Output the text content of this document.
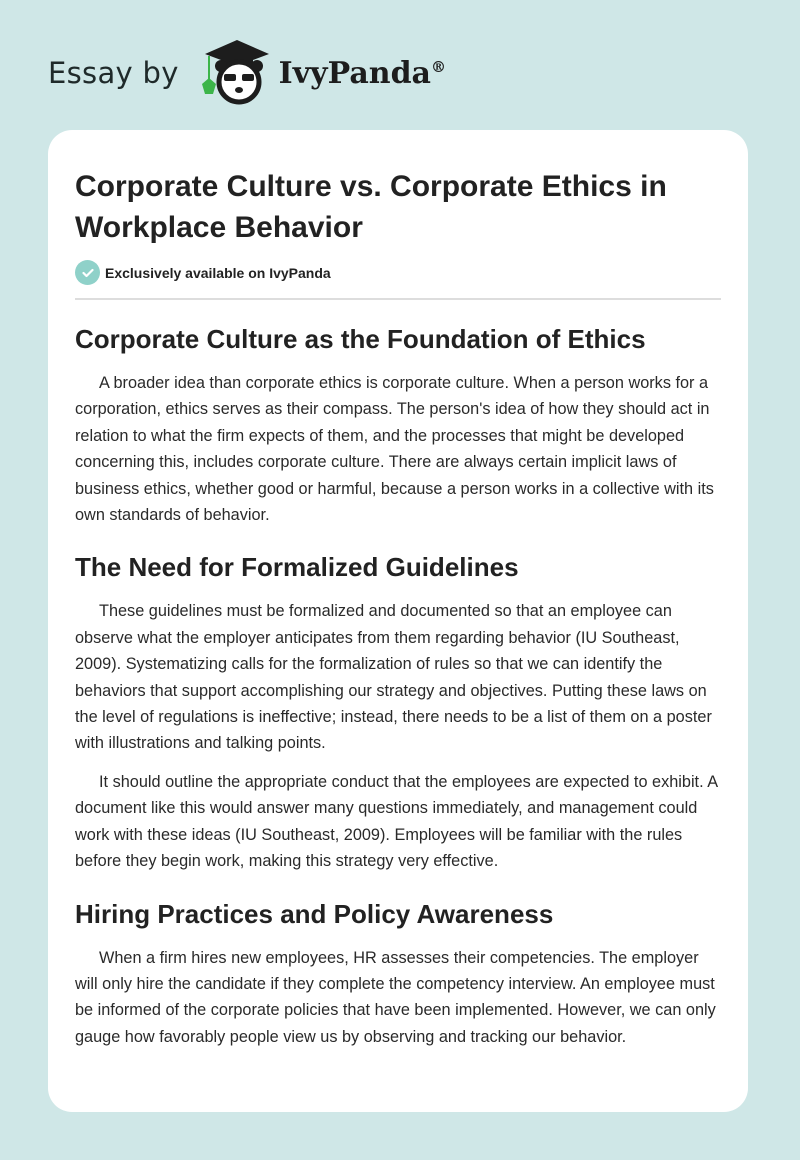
Essay by	IvyPanda®
Corporate Culture vs. Corporate Ethics in Workplace Behavior
Exclusively available on IvyPanda
Corporate Culture as the Foundation of Ethics

A broader idea than corporate ethics is corporate culture. When a person works for a corporation, ethics serves as their compass. The person's idea of how they should act in relation to what the firm expects of them, and the processes that might be developed concerning this, includes corporate culture. There are always certain implicit laws of business ethics, whether good or harmful, because a person works in a collective with its own standards of behavior.

The Need for Formalized Guidelines

These guidelines must be formalized and documented so that an employee can observe what the employer anticipates from them regarding behavior (IU Southeast, 2009). Systematizing calls for the formalization of rules so that we can identify the behaviors that support accomplishing our strategy and objectives. Putting these laws on the level of regulations is ineffective; instead, there needs to be a list of them on a poster with illustrations and talking points.

It should outline the appropriate conduct that the employees are expected to exhibit. A document like this would answer many questions immediately, and management could work with these ideas (IU Southeast, 2009). Employees will be familiar with the rules before they begin work, making this strategy very effective.

Hiring Practices and Policy Awareness

When a firm hires new employees, HR assesses their competencies. The employer will only hire the candidate if they complete the competency interview. An employee must be informed of the corporate policies that have been implemented. However, we can only gauge how favorably people view us by observing and tracking our behavior.
